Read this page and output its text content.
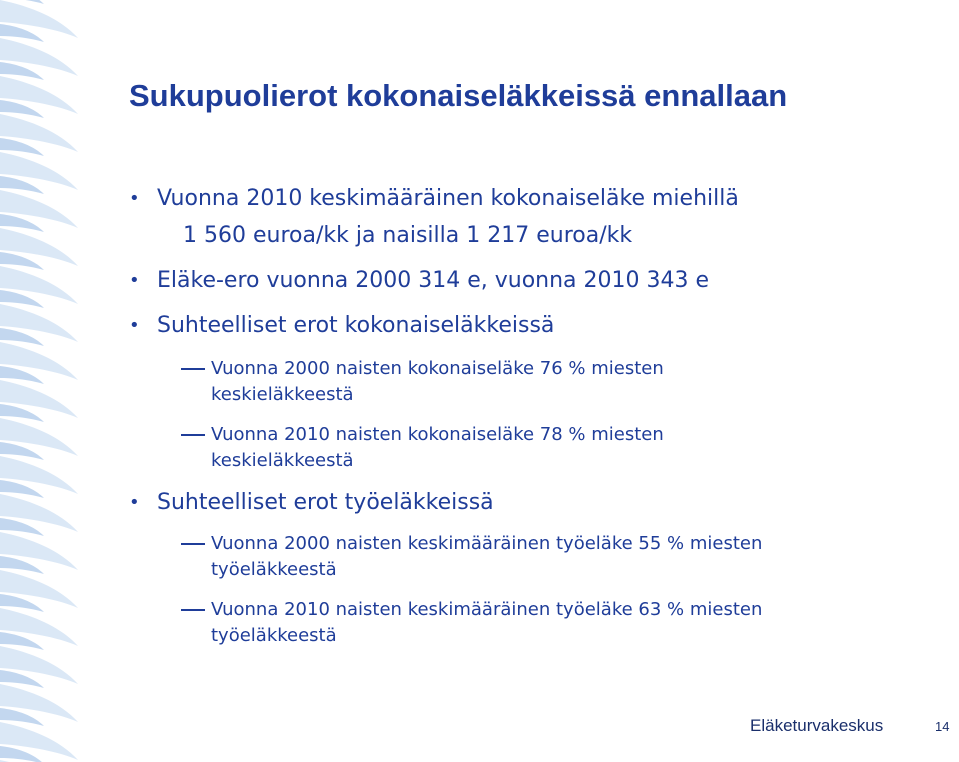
Sukupuolierot kokonaiseläkkeissä ennallaan
• Vuonna 2010 keskimääräinen kokonaiseläke miehillä
1 560 euroa/kk ja naisilla 1 217 euroa/kk
• Eläke-ero vuonna 2000 314 e, vuonna 2010 343 e
• Suhteelliset erot kokonaiseläkkeissä
Vuonna 2000 naisten kokonaiseläke 76 % miesten
keskieläkkeestä
Vuonna 2010 naisten kokonaiseläke 78 % miesten
keskieläkkeestä
• Suhteelliset erot työeläkkeissä
Vuonna 2000 naisten keskimääräinen työeläke 55 % miesten
työeläkkeestä
Vuonna 2010 naisten keskimääräinen työeläke 63 % miesten
työeläkkeestä
Eläketurvakeskus	14
